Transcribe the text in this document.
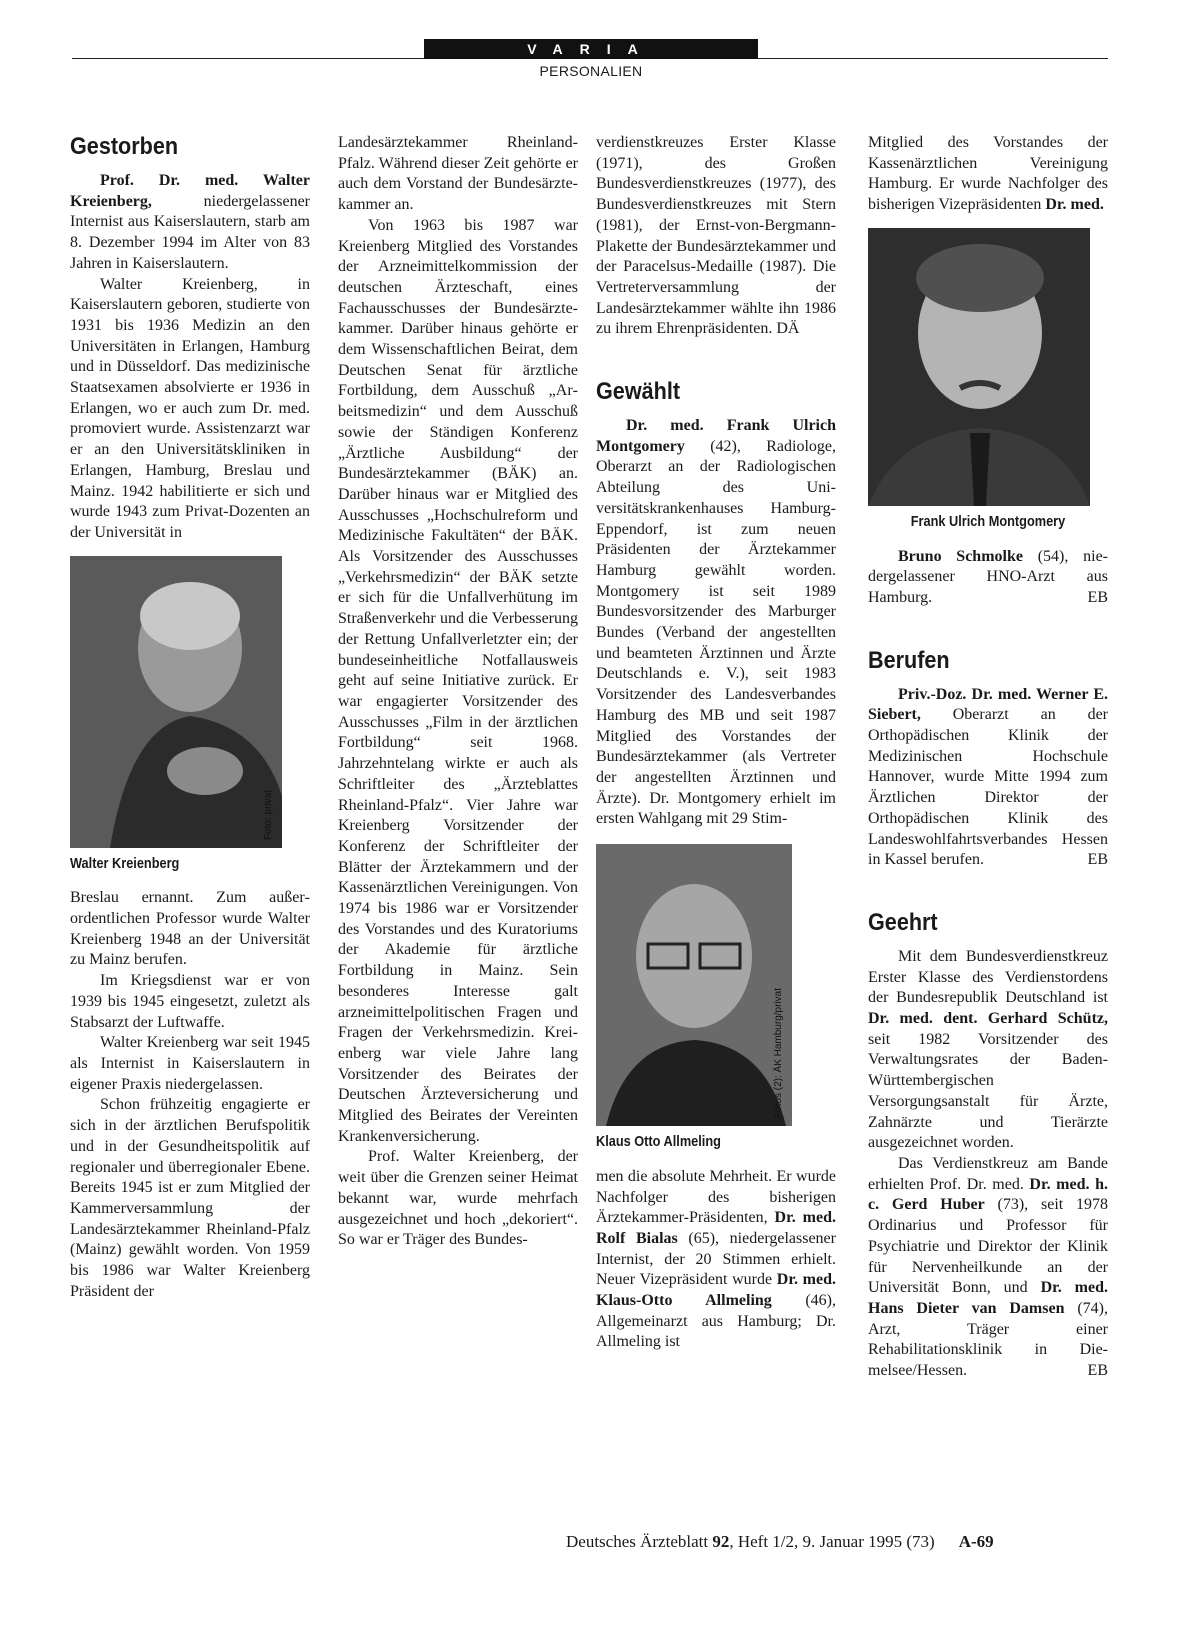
VARIA
PERSONALIEN
Gestorben

Prof. Dr. med. Walter Kreienberg, niedergelassener Internist aus Kaiserslautern, starb am 8. Dezember 1994 im Alter von 83 Jahren in Kaiserslautern.

Walter Kreienberg, in Kaiserslautern geboren, studierte von 1931 bis 1936 Medizin an den Universitäten in Erlangen, Hamburg und in Düsseldorf. Das medizinische Staatsexamen absolvierte er 1936 in Erlangen, wo er auch zum Dr. med. promoviert wurde. Assistenzarzt war er an den Universitätskliniken in Erlangen, Hamburg, Breslau und Mainz. 1942 habilitierte er sich und wurde 1943 zum Privat-Dozenten an der Universität in

Foto: privat
Walter Kreienberg

Breslau ernannt. Zum außerordentlichen Professor wurde Walter Kreienberg 1948 an der Universität zu Mainz berufen.

Im Kriegsdienst war er von 1939 bis 1945 eingesetzt, zuletzt als Stabsarzt der Luftwaffe.

Walter Kreienberg war seit 1945 als Internist in Kaiserslautern in eigener Praxis niedergelassen.

Schon frühzeitig engagierte er sich in der ärztlichen Berufspolitik und in der Gesundheitspolitik auf regionaler und überregionaler Ebene. Bereits 1945 ist er zum Mitglied der Kammerversammlung der Landesärztekammer Rheinland-Pfalz (Mainz) gewählt worden. Von 1959 bis 1986 war Walter Kreienberg Präsident der

Landesärztekammer Rheinland-Pfalz. Während dieser Zeit gehörte er auch dem Vorstand der Bundesärztekammer an.

Von 1963 bis 1987 war Kreienberg Mitglied des Vorstandes der Arzneimittelkommission der deutschen Ärzteschaft, eines Fachausschusses der Bundesärztekammer. Darüber hinaus gehörte er dem Wissenschaftlichen Beirat, dem Deutschen Senat für ärztliche Fortbildung, dem Ausschuß „Arbeitsmedizin“ und dem Ausschuß sowie der Ständigen Konferenz „Ärztliche Ausbildung“ der Bundesärztekammer (BÄK) an. Darüber hinaus war er Mitglied des Ausschusses „Hochschulreform und Medizinische Fakultäten“ der BÄK. Als Vorsitzender des Ausschusses „Verkehrsmedizin“ der BÄK setzte er sich für die Unfallverhütung im Straßenverkehr und die Verbesserung der Rettung Unfallverletzter ein; der bundeseinheitliche Notfallausweis geht auf seine Initiative zurück. Er war engagierter Vorsitzender des Ausschusses „Film in der ärztlichen Fortbildung“ seit 1968. Jahrzehntelang wirkte er auch als Schriftleiter des „Ärzteblattes Rheinland-Pfalz“. Vier Jahre war Kreienberg Vorsitzender der Konferenz der Schriftleiter der Blätter der Ärztekammern und der Kassenärztlichen Vereinigungen. Von 1974 bis 1986 war er Vorsitzender des Vorstandes und des Kuratoriums der Akademie für ärztliche Fortbildung in Mainz. Sein besonderes Interesse galt arzneimittelpolitischen Fragen und Fragen der Verkehrsmedizin. Kreienberg war viele Jahre lang Vorsitzender des Beirates der Deutschen Ärzteversicherung und Mitglied des Beirates der Vereinten Krankenversicherung.

Prof. Walter Kreienberg, der weit über die Grenzen seiner Heimat bekannt war, wurde mehrfach ausgezeichnet und hoch „dekoriert“. So war er Träger des Bundes-

verdienstkreuzes Erster Klasse (1971), des Großen Bundesverdienstkreuzes (1977), des Bundesverdienstkreuzes mit Stern (1981), der Ernst-von-Bergmann-Plakette der Bundesärztekammer und der Paracelsus-Medaille (1987). Die Vertreterversammlung der Landesärztekammer wählte ihn 1986 zu ihrem Ehrenpräsidenten. DÄ

Gewählt

Dr. med. Frank Ulrich Montgomery (42), Radiologe, Oberarzt an der Radiologischen Abteilung des Universitätskrankenhauses Hamburg-Eppendorf, ist zum neuen Präsidenten der Ärztekammer Hamburg gewählt worden. Montgomery ist seit 1989 Bundesvorsitzender des Marburger Bundes (Verband der angestellten und beamteten Ärztinnen und Ärzte Deutschlands e. V.), seit 1983 Vorsitzender des Landesverbandes Hamburg des MB und seit 1987 Mitglied des Vorstandes der Bundesärztekammer (als Vertreter der angestellten Ärztinnen und Ärzte). Dr. Montgomery erhielt im ersten Wahlgang mit 29 Stim-

Fotos (2): ÄK Hamburg/privat
Klaus Otto Allmeling

men die absolute Mehrheit. Er wurde Nachfolger des bisherigen Ärztekammer-Präsidenten, Dr. med. Rolf Bialas (65), niedergelassener Internist, der 20 Stimmen erhielt. Neuer Vizepräsident wurde Dr. med. Klaus-Otto Allmeling (46), Allgemeinarzt aus Hamburg; Dr. Allmeling ist

Mitglied des Vorstandes der Kassenärztlichen Vereinigung Hamburg. Er wurde Nachfolger des bisherigen Vizepräsidenten Dr. med.

Frank Ulrich Montgomery

Bruno Schmolke (54), niedergelassener HNO-Arzt aus Hamburg.	EB

Berufen

Priv.-Doz. Dr. med. Werner E. Siebert, Oberarzt an der Orthopädischen Klinik der Medizinischen Hochschule Hannover, wurde Mitte 1994 zum Ärztlichen Direktor der Orthopädischen Klinik des Landeswohlfahrtsverbandes Hessen in Kassel berufen.	EB

Geehrt

Mit dem Bundesverdienstkreuz Erster Klasse des Verdienstordens der Bundesrepublik Deutschland ist Dr. med. dent. Gerhard Schütz, seit 1982 Vorsitzender des Verwaltungsrates der Baden-Württembergischen Versorgungsanstalt für Ärzte, Zahnärzte und Tierärzte ausgezeichnet worden.

Das Verdienstkreuz am Bande erhielten Prof. Dr. med. Dr. med. h. c. Gerd Huber (73), seit 1978 Ordinarius und Professor für Psychiatrie und Direktor der Klinik für Nervenheilkunde an der Universität Bonn, und Dr. med. Hans Dieter van Damsen (74), Arzt, Träger einer Rehabilitationsklinik in Diemelsee/Hessen.	EB

Deutsches Ärzteblatt 92, Heft 1/2, 9. Januar 1995 (73) A-69
